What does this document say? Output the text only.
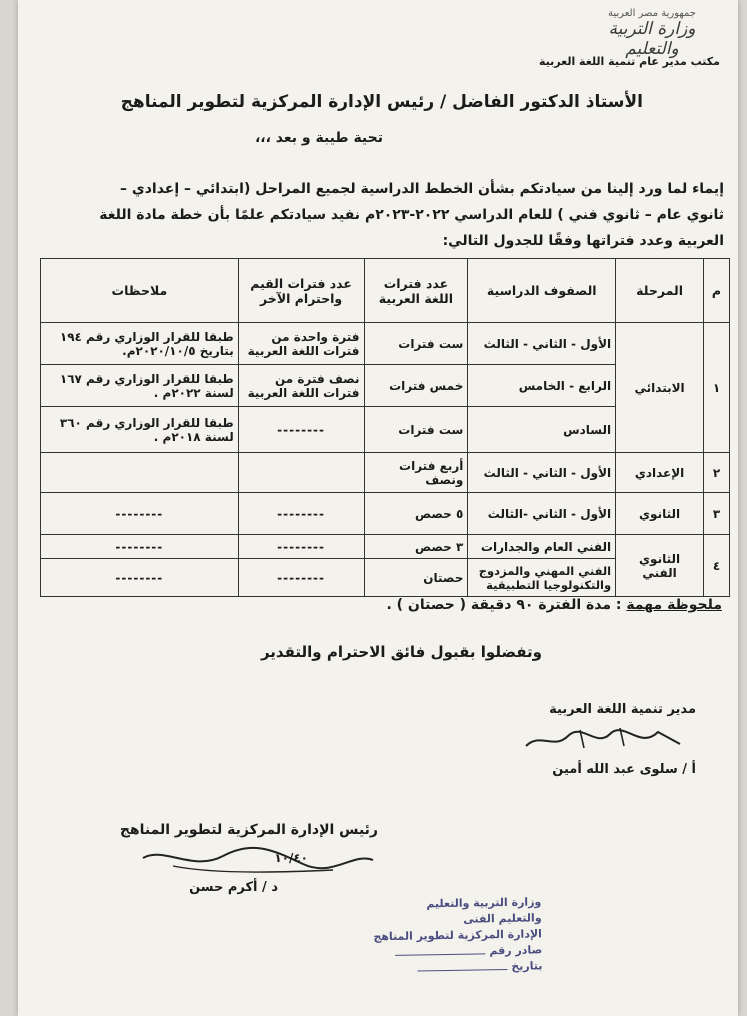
جمهورية مصر العربية
وزارة التربية والتعليم
مكتب مدير عام تنمية اللغة العربية
الأستاذ الدكتور الفاضل / رئيس الإدارة المركزية لتطوير المناهج
تحية طيبة و بعد ،،،
إيماء لما ورد إلينا من سيادتكم بشأن الخطط الدراسية لجميع المراحل (ابتدائي – إعدادي –
ثانوي عام – ثانوي فني ) للعام الدراسي ٢٠٢٢-٢٠٢٣م نفيد سيادتكم علمًا بأن خطة مادة اللغة
العربية وعدد فتراتها وفقًا للجدول التالي:
م	المرحلة	الصفوف الدراسية	عدد فترات اللغة العربية	عدد فترات القيم واحترام الآخر	ملاحظات
١	الابتدائي	الأول - الثاني - الثالث	ست فترات	فترة واحدة من فترات اللغة العربية	طبقا للقرار الوزاري رقم ١٩٤ بتاريخ ٢٠٢٠/١٠/٥م.
		الرابع - الخامس	خمس فترات	نصف فترة من فترات اللغة العربية	طبقا للقرار الوزاري رقم ١٦٧ لسنة ٢٠٢٢م .
		السادس	ست فترات	--------	طبقا للقرار الوزاري رقم ٣٦٠ لسنة ٢٠١٨م .
٢	الإعدادي	الأول - الثاني - الثالث	أربع فترات ونصف		
٣	الثانوي	الأول - الثاني -الثالث	٥ حصص	--------	--------
٤	الثانوي الفني	الفني العام والجدارات	٣ حصص	--------	--------
		الفني المهني والمزدوج والتكنولوجيا التطبيقية	حصتان	--------	--------
ملحوظة مهمة : مدة الفترة ٩٠ دقيقة ( حصتان ) .
وتفضلوا بقبول فائق الاحترام والتقدير
مدير تنمية اللغة العربية
أ / سلوى عبد الله أمين
رئيس الإدارة المركزية لتطوير المناهج
١٠/٤٠
د / أكرم حسن
وزارة التربية والتعليم
والتعليم الفنى
الإدارة المركزية لتطوير المناهج
صادر رقم
بتاريخ
